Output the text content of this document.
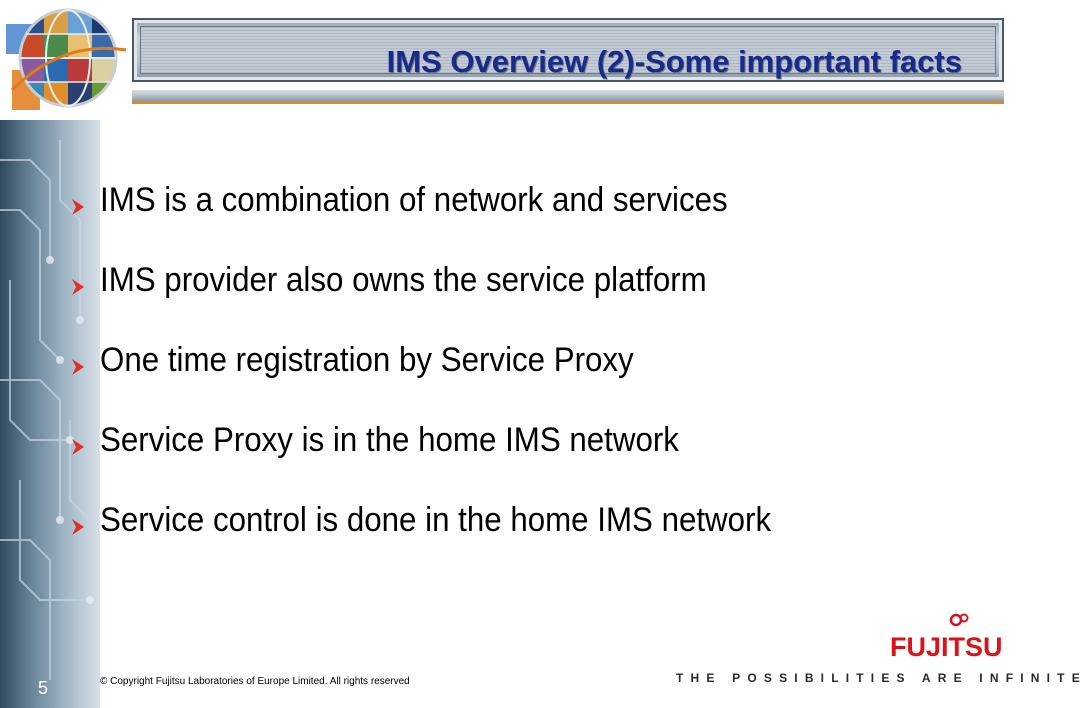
IMS Overview (2)-Some important facts
IMS is a combination of network and services
IMS provider also owns the service platform
One time registration by Service Proxy
Service Proxy is in the home IMS network
Service control is done in the home IMS network
5	© Copyright Fujitsu Laboratories of Europe Limited. All rights reserved
FUJITSU
THE POSSIBILITIES ARE INFINITE
